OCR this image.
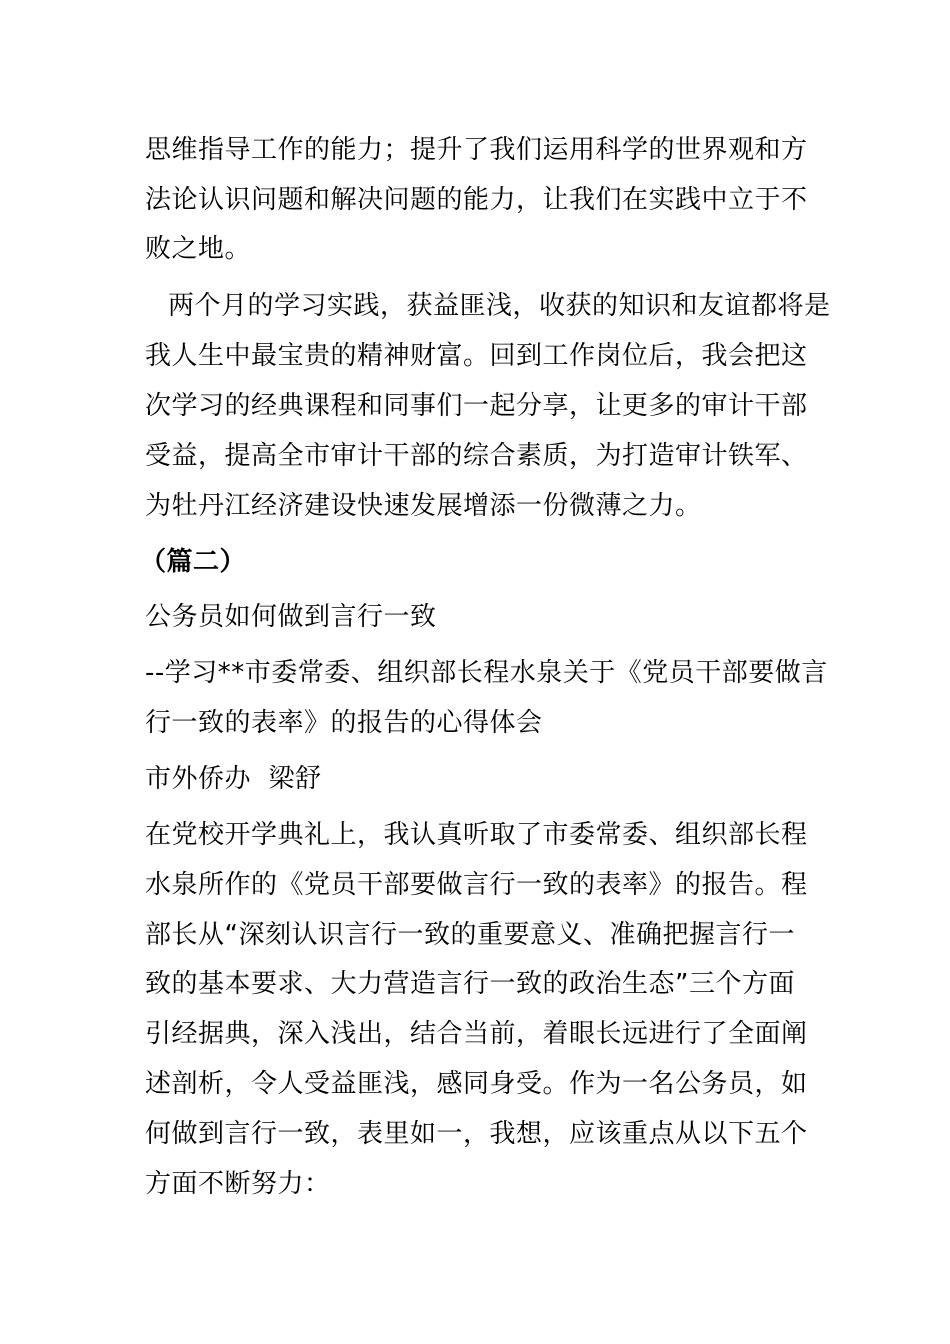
思维指导工作的能力；提升了我们运用科学的世界观和方
法论认识问题和解决问题的能力，让我们在实践中立于不
败之地。
两个月的学习实践，获益匪浅，收获的知识和友谊都将是
我人生中最宝贵的精神财富。回到工作岗位后，我会把这
次学习的经典课程和同事们一起分享，让更多的审计干部
受益，提高全市审计干部的综合素质，为打造审计铁军、
为牡丹江经济建设快速发展增添一份微薄之力。
（篇二）
公务员如何做到言行一致
--学习**市委常委、组织部长程水泉关于《党员干部要做言
行一致的表率》的报告的心得体会
市外侨办  梁舒
在党校开学典礼上，我认真听取了市委常委、组织部长程
水泉所作的《党员干部要做言行一致的表率》的报告。程
部长从“深刻认识言行一致的重要意义、准确把握言行一
致的基本要求、大力营造言行一致的政治生态”三个方面
引经据典，深入浅出，结合当前，着眼长远进行了全面阐
述剖析，令人受益匪浅，感同身受。作为一名公务员，如
何做到言行一致，表里如一，我想，应该重点从以下五个
方面不断努力：
